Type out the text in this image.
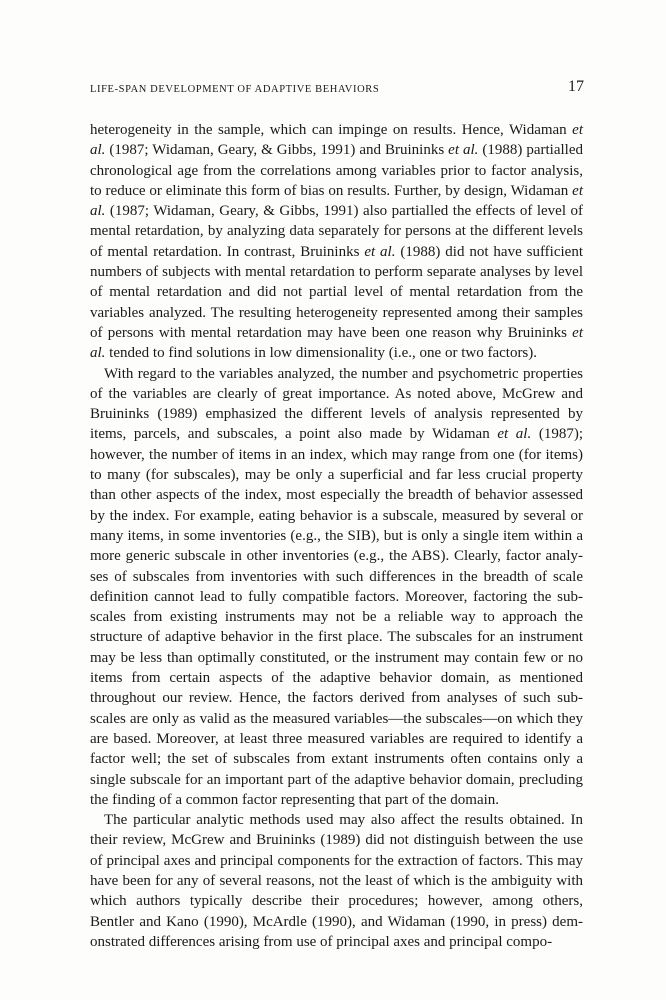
LIFE-SPAN DEVELOPMENT OF ADAPTIVE BEHAVIORS	17

heterogeneity in the sample, which can impinge on results. Hence, Widaman et al. (1987; Widaman, Geary, & Gibbs, 1991) and Bruininks et al. (1988) partialled chronological age from the correlations among variables prior to factor analysis, to reduce or eliminate this form of bias on results. Further, by design, Widaman et al. (1987; Widaman, Geary, & Gibbs, 1991) also partialled the effects of level of mental retardation, by analyzing data separately for persons at the different levels of mental retardation. In contrast, Bruininks et al. (1988) did not have sufficient numbers of subjects with mental retardation to perform separate analyses by level of mental retardation and did not partial level of mental retardation from the variables analyzed. The resulting heterogeneity represented among their samples of persons with mental retardation may have been one reason why Bruininks et al. tended to find solutions in low dimensionality (i.e., one or two factors).

With regard to the variables analyzed, the number and psychometric properties of the variables are clearly of great importance. As noted above, McGrew and Bruininks (1989) emphasized the different levels of analysis represented by items, parcels, and subscales, a point also made by Widaman et al. (1987); however, the number of items in an index, which may range from one (for items) to many (for subscales), may be only a superficial and far less crucial property than other aspects of the index, most especially the breadth of behavior assessed by the index. For example, eating behavior is a subscale, measured by several or many items, in some inventories (e.g., the SIB), but is only a single item within a more generic subscale in other inventories (e.g., the ABS). Clearly, factor analyses of subscales from inventories with such differences in the breadth of scale definition cannot lead to fully compatible factors. Moreover, factoring the subscales from existing instruments may not be a reliable way to approach the structure of adaptive behavior in the first place. The subscales for an instrument may be less than optimally constituted, or the instrument may contain few or no items from certain aspects of the adaptive behavior domain, as mentioned throughout our review. Hence, the factors derived from analyses of such subscales are only as valid as the measured variables—the subscales—on which they are based. Moreover, at least three measured variables are required to identify a factor well; the set of subscales from extant instruments often contains only a single subscale for an important part of the adaptive behavior domain, precluding the finding of a common factor representing that part of the domain.

The particular analytic methods used may also affect the results obtained. In their review, McGrew and Bruininks (1989) did not distinguish between the use of principal axes and principal components for the extraction of factors. This may have been for any of several reasons, not the least of which is the ambiguity with which authors typically describe their procedures; however, among others, Bentler and Kano (1990), McArdle (1990), and Widaman (1990, in press) demonstrated differences arising from use of principal axes and principal compo-
